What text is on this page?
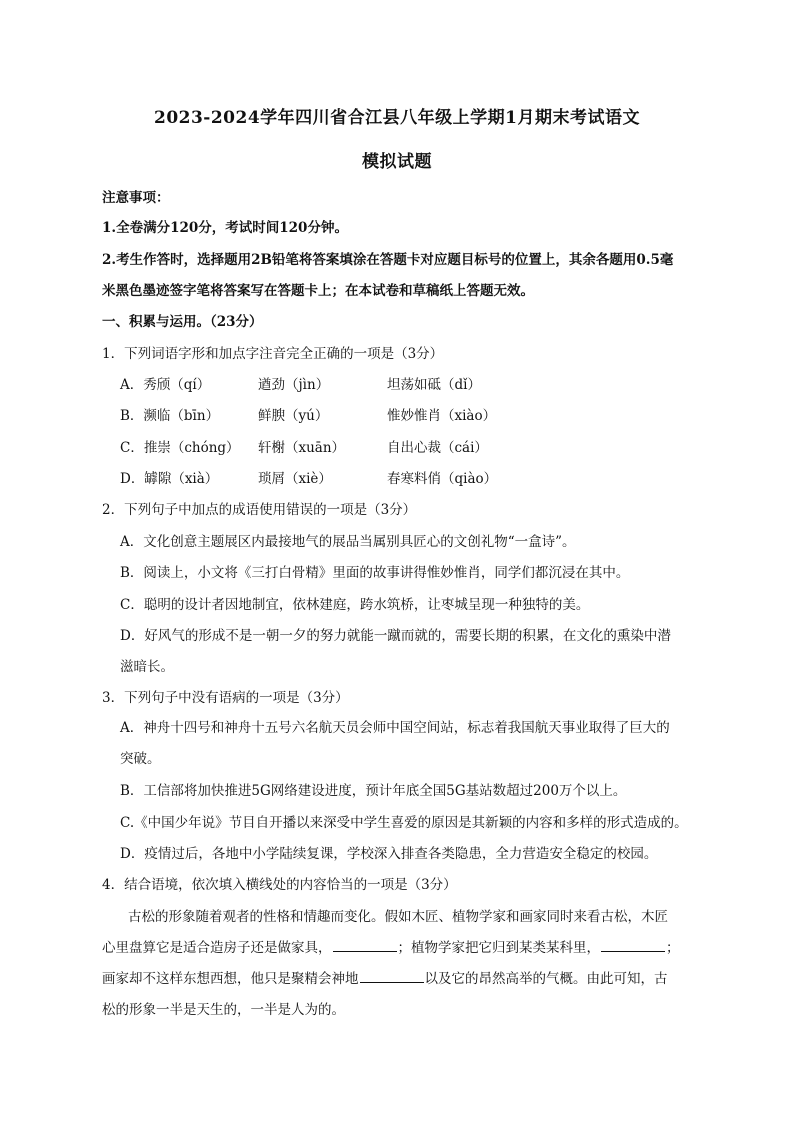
2023-2024学年四川省合江县八年级上学期1月期末考试语文
模拟试题
注意事项：
1.全卷满分120分，考试时间120分钟。
2.考生作答时，选择题用2B铅笔将答案填涂在答题卡对应题目标号的位置上，其余各题用0.5毫
米黑色墨迹签字笔将答案写在答题卡上；在本试卷和草稿纸上答题无效。
一、积累与运用。（23分）
1．下列词语字形和加点字注音完全正确的一项是（3分）
A．秀颀（qí）	遒劲（jìn）	坦荡如砥（dǐ）
B．濒临（bīn）	鲜腴（yú）	惟妙惟肖（xiào）
C．推崇（chóng） 轩榭（xuān）	自出心裁（cái）
D．罅隙（xià）	琐屑（xiè）	春寒料俏（qiào）
2．下列句子中加点的成语使用错误的一项是（3分）
A．文化创意主题展区内最接地气的展品当属别具匠心的文创礼物“一盒诗”。
B．阅读上，小文将《三打白骨精》里面的故事讲得惟妙惟肖，同学们都沉浸在其中。
C．聪明的设计者因地制宜，依林建庭，跨水筑桥，让枣城呈现一种独特的美。
D．好风气的形成不是一朝一夕的努力就能一蹴而就的，需要长期的积累，在文化的熏染中潜
滋暗长。
3．下列句子中没有语病的一项是（3分）
A．神舟十四号和神舟十五号六名航天员会师中国空间站，标志着我国航天事业取得了巨大的
突破。
B．工信部将加快推进5G网络建设进度，预计年底全国5G基站数超过200万个以上。
C.《中国少年说》节目自开播以来深受中学生喜爱的原因是其新颖的内容和多样的形式造成的。
D．疫情过后，各地中小学陆续复课，学校深入排查各类隐患，全力营造安全稳定的校园。
4．结合语境，依次填入横线处的内容恰当的一项是（3分）
古松的形象随着观者的性格和情趣而变化。假如木匠、植物学家和画家同时来看古松，木匠
心里盘算它是适合造房子还是做家具，	；植物学家把它归到某类某科里，	；
画家却不这样东想西想，他只是聚精会神地	以及它的昂然高举的气概。由此可知，古
松的形象一半是天生的，一半是人为的。
